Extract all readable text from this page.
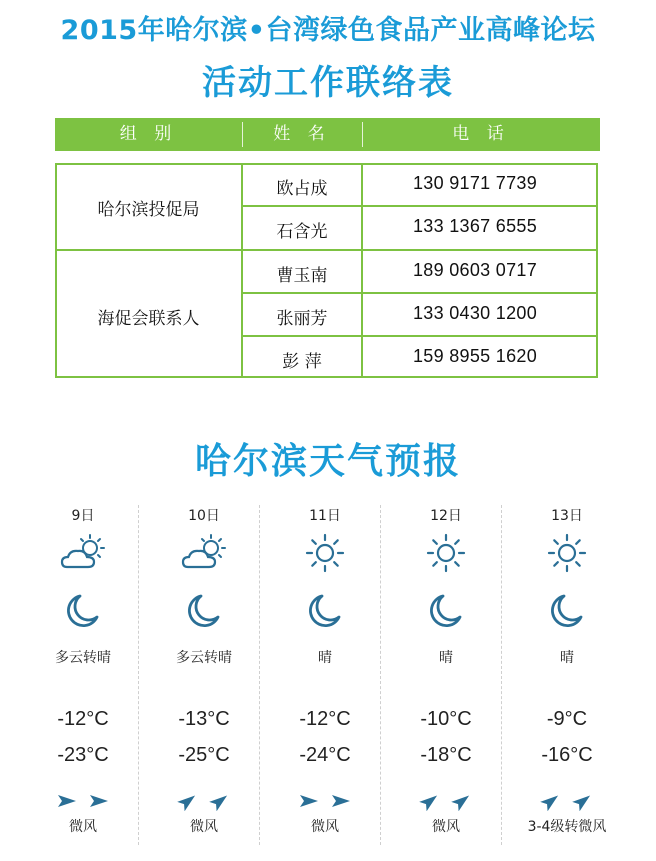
2015年哈尔滨•台湾绿色食品产业高峰论坛
活动工作联络表
组 别	姓 名	电 话
哈尔滨投促局
欧占成	130 9171 7739
石含光	133 1367 6555
海促会联系人
曹玉南	189 0603 0717
张丽芳	133 0430 1200
彭 萍	159 8955 1620
哈尔滨天气预报
9日
多云转晴
-12°C
-23°C
微风
10日
多云转晴
-13°C
-25°C
微风
11日
晴
-12°C
-24°C
微风
12日
晴
-10°C
-18°C
微风
13日
晴
-9°C
-16°C
3-4级转微风
